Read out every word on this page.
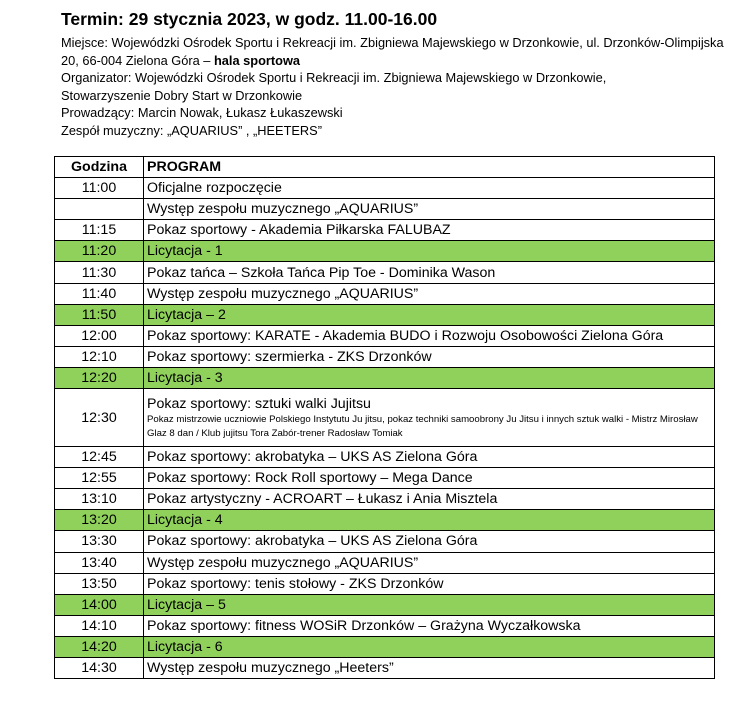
Termin: 29 stycznia 2023, w godz. 11.00-16.00
Miejsce: Wojewódzki Ośrodek Sportu i Rekreacji im. Zbigniewa Majewskiego w Drzonkowie, ul. Drzonków-Olimpijska 20, 66-004 Zielona Góra – hala sportowa
Organizator: Wojewódzki Ośrodek Sportu i Rekreacji im. Zbigniewa Majewskiego w Drzonkowie,
Stowarzyszenie Dobry Start w Drzonkowie
Prowadzący: Marcin Nowak, Łukasz Łukaszewski
Zespół muzyczny: „AQUARIUS” , „HEETERS”
Godzina	PROGRAM
11:00	Oficjalne rozpoczęcie
	Występ zespołu muzycznego „AQUARIUS”
11:15	Pokaz sportowy - Akademia Piłkarska FALUBAZ
11:20	Licytacja - 1
11:30	Pokaz tańca – Szkoła Tańca Pip Toe - Dominika Wason
11:40	Występ zespołu muzycznego „AQUARIUS”
11:50	Licytacja – 2
12:00	Pokaz sportowy: KARATE - Akademia BUDO i Rozwoju Osobowości Zielona Góra
12:10	Pokaz sportowy: szermierka - ZKS Drzonków
12:20	Licytacja - 3
12:30	Pokaz sportowy: sztuki walki Jujitsu
Pokaz mistrzowie uczniowie Polskiego Instytutu Ju jitsu, pokaz techniki samoobrony Ju Jitsu i innych sztuk walki - Mistrz Mirosław Glaz 8 dan / Klub jujitsu Tora Zabór-trener Radosław Tomiak

12:45	Pokaz sportowy: akrobatyka – UKS AS Zielona Góra
12:55	Pokaz sportowy: Rock Roll sportowy – Mega Dance
13:10	Pokaz artystyczny - ACROART – Łukasz i Ania Misztela
13:20	Licytacja - 4
13:30	Pokaz sportowy: akrobatyka – UKS AS Zielona Góra
13:40	Występ zespołu muzycznego „AQUARIUS”
13:50	Pokaz sportowy: tenis stołowy - ZKS Drzonków
14:00	Licytacja – 5
14:10	Pokaz sportowy: fitness WOSiR Drzonków – Grażyna Wyczałkowska
14:20	Licytacja - 6
14:30	Występ zespołu muzycznego „Heeters”
